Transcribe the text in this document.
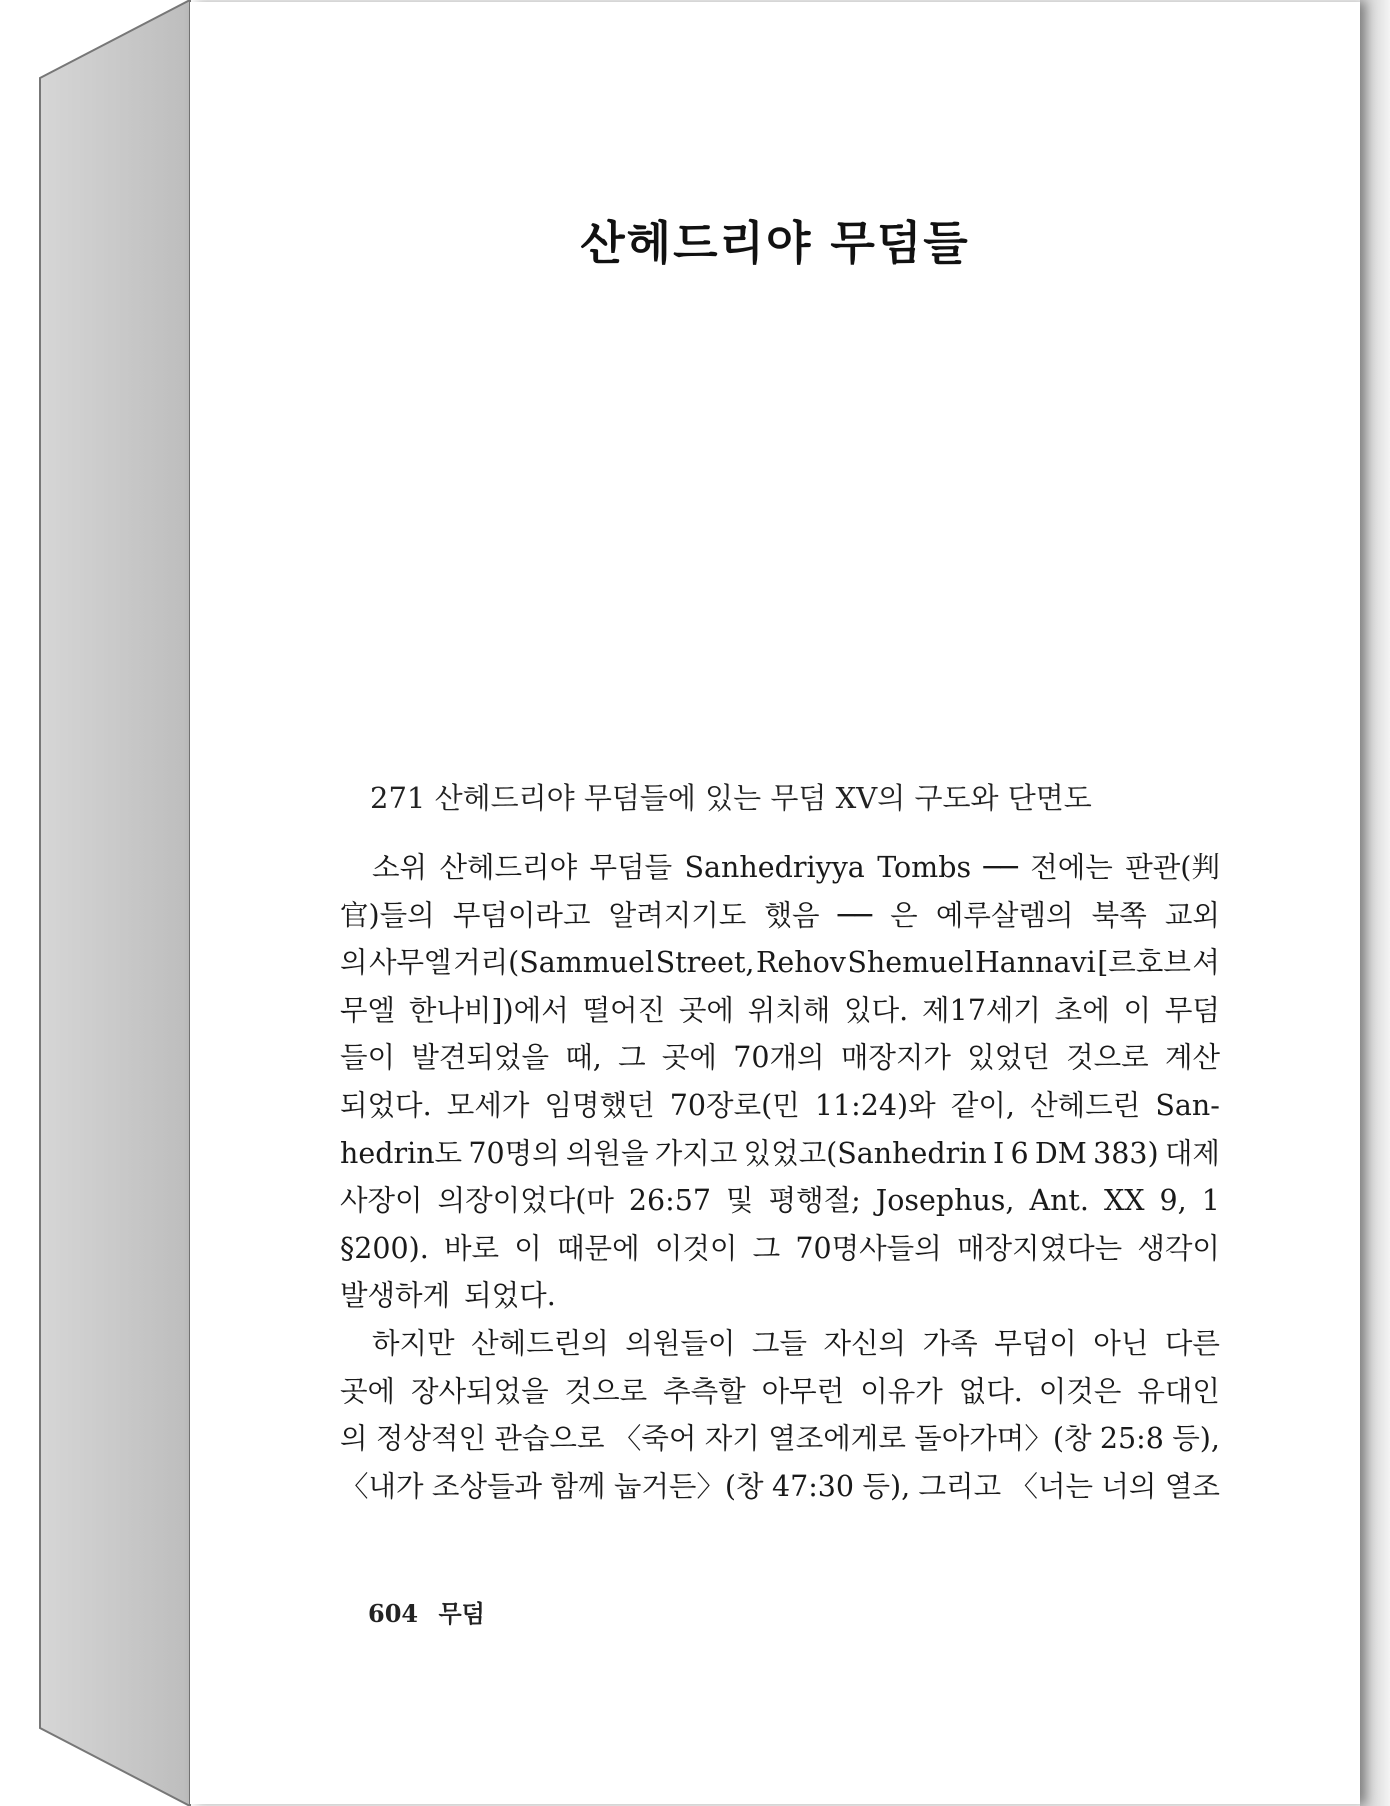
산헤드리야 무덤들
271 산헤드리야 무덤들에 있는 무덤 XV의 구도와 단면도
소위 산헤드리야 무덤들 Sanhedriyya Tombs ── 전에는 판관(判
官)들의 무덤이라고 알려지기도 했음 ── 은 예루살렘의 북쪽 교외
의 사무엘 거리(Sammuel Street, Rehov Shemuel Hannavi [르호브 셔
무엘 한나비])에서 떨어진 곳에 위치해 있다. 제17세기 초에 이 무덤
들이 발견되었을 때, 그 곳에 70개의 매장지가 있었던 것으로 계산
되었다. 모세가 임명했던 70장로(민 11:24)와 같이, 산헤드린 San-
hedrin도 70명의 의원을 가지고 있었고(Sanhedrin I 6 DM 383) 대제
사장이 의장이었다(마 26:57 및 평행절; Josephus, Ant. XX 9, 1
§200). 바로 이 때문에 이것이 그 70명사들의 매장지였다는 생각이
발생하게 되었다.
하지만 산헤드린의 의원들이 그들 자신의 가족 무덤이 아닌 다른
곳에 장사되었을 것으로 추측할 아무런 이유가 없다. 이것은 유대인
의 정상적인 관습으로 〈죽어 자기 열조에게로 돌아가며〉(창 25:8 등),
〈내가 조상들과 함께 눕거든〉(창 47:30 등), 그리고 〈너는 너의 열조
604 무덤
